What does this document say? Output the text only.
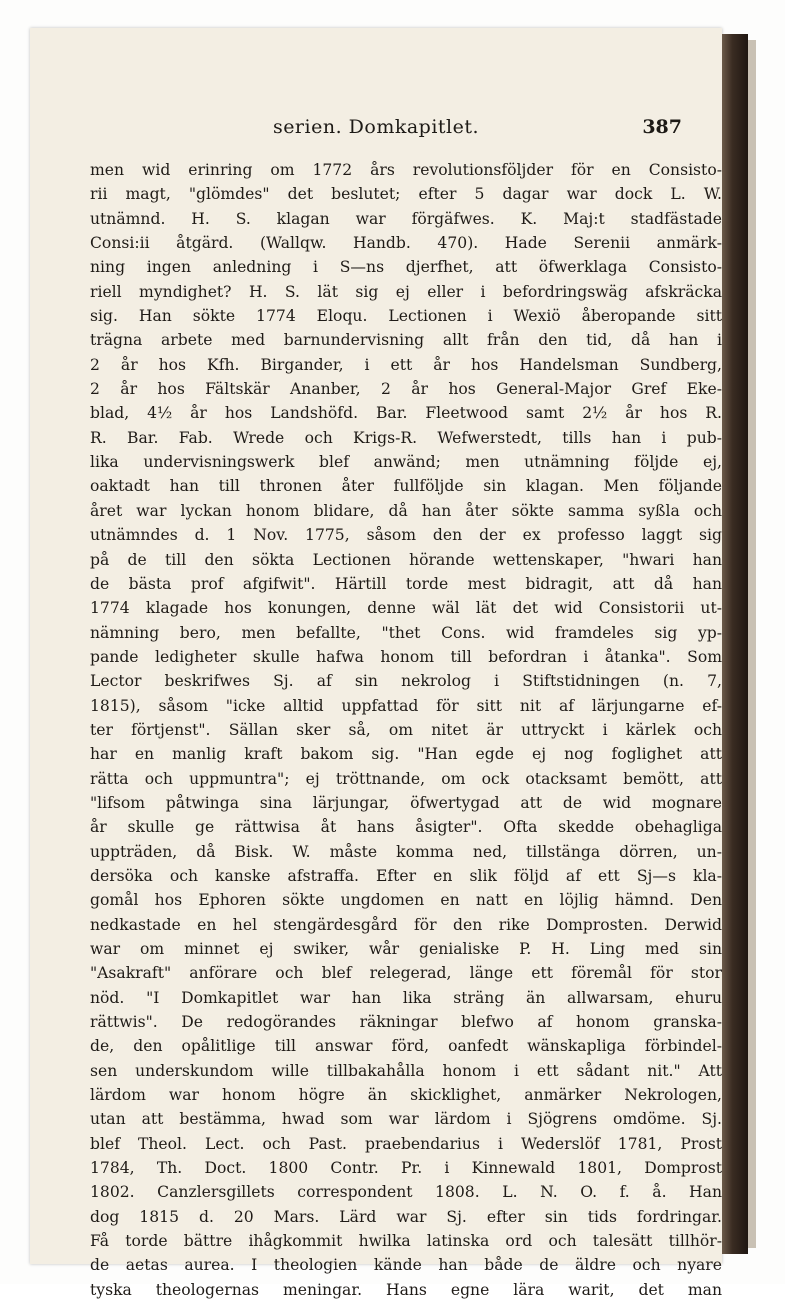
serien. Domkapitlet.	387
men wid erinring om 1772 års revolutionsföljder för en Consisto-
rii magt, "glömdes" det beslutet; efter 5 dagar war dock L. W.
utnämnd. H. S. klagan war förgäfwes. K. Maj:t stadfästade
Consi:ii åtgärd. (Wallqw. Handb. 470). Hade Serenii anmärk-
ning ingen anledning i S—ns djerfhet, att öfwerklaga Consisto-
riell myndighet? H. S. lät sig ej eller i befordringswäg afskräcka
sig. Han sökte 1774 Eloqu. Lectionen i Wexiö åberopande sitt
trägna arbete med barnundervisning allt från den tid, då han i
2 år hos Kfh. Birgander, i ett år hos Handelsman Sundberg,
2 år hos Fältskär Ananber, 2 år hos General-Major Gref Eke-
blad, 4½ år hos Landshöfd. Bar. Fleetwood samt 2½ år hos R.
R. Bar. Fab. Wrede och Krigs-R. Wefwerstedt, tills han i pub-
lika undervisningswerk blef anwänd; men utnämning följde ej,
oaktadt han till thronen åter fullföljde sin klagan. Men följande
året war lyckan honom blidare, då han åter sökte samma syßla och
utnämndes d. 1 Nov. 1775, såsom den der ex professo laggt sig
på de till den sökta Lectionen hörande wettenskaper, "hwari han
de bästa prof afgifwit". Härtill torde mest bidragit, att då han
1774 klagade hos konungen, denne wäl lät det wid Consistorii ut-
nämning bero, men befallte, "thet Cons. wid framdeles sig yp-
pande ledigheter skulle hafwa honom till befordran i åtanka". Som
Lector beskrifwes Sj. af sin nekrolog i Stiftstidningen (n. 7,
1815), såsom "icke alltid uppfattad för sitt nit af lärjungarne ef-
ter förtjenst". Sällan sker så, om nitet är uttryckt i kärlek och
har en manlig kraft bakom sig. "Han egde ej nog foglighet att
rätta och uppmuntra"; ej tröttnande, om ock otacksamt bemött, att
"lifsom påtwinga sina lärjungar, öfwertygad att de wid mognare
år skulle ge rättwisa åt hans åsigter". Ofta skedde obehagliga
uppträden, då Bisk. W. måste komma ned, tillstänga dörren, un-
dersöka och kanske afstraffa. Efter en slik följd af ett Sj—s kla-
gomål hos Ephoren sökte ungdomen en natt en löjlig hämnd. Den
nedkastade en hel stengärdesgård för den rike Domprosten. Derwid
war om minnet ej swiker, wår genialiske P. H. Ling med sin
"Asakraft" anförare och blef relegerad, länge ett föremål för stor
nöd. "I Domkapitlet war han lika sträng än allwarsam, ehuru
rättwis". De redogörandes räkningar blefwo af honom granska-
de, den opålitlige till answar förd, oanfedt wänskapliga förbindel-
sen underskundom wille tillbakahålla honom i ett sådant nit." Att
lärdom war honom högre än skicklighet, anmärker Nekrologen,
utan att bestämma, hwad som war lärdom i Sjögrens omdöme. Sj.
blef Theol. Lect. och Past. praebendarius i Wederslöf 1781, Prost
1784, Th. Doct. 1800 Contr. Pr. i Kinnewald 1801, Domprost
1802. Canzlersgillets correspondent 1808. L. N. O. f. å. Han
dog 1815 d. 20 Mars. Lärd war Sj. efter sin tids fordringar.
Få torde bättre ihågkommit hwilka latinska ord och talesätt tillhör-
de aetas aurea. I theologien kände han både de äldre och nyare
tyska theologernas meningar. Hans egne lära warit, det man
